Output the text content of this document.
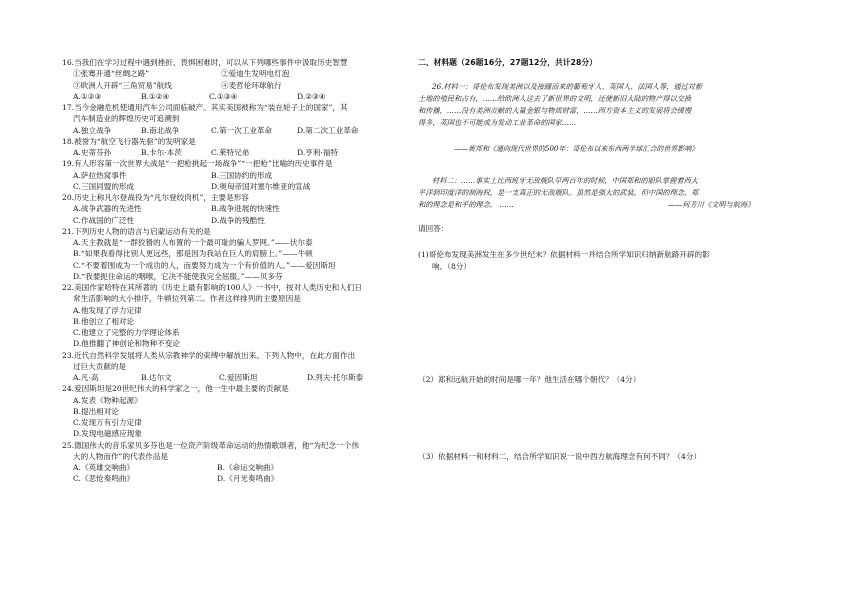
16.当我们在学习过程中遇到挫折、畏惧困难时，可以从下列哪些事件中汲取历史智慧
①张骞开通“丝绸之路”	②爱迪生发明电灯泡
③欧洲人开辟“三角贸易”航线	④麦哲伦环球航行
A.①②③	B.①②④	C.①③④	D.②③④
17.当今金融危机使通用汽车公司面临破产。其实美国被称为“装在轮子上的国家”，其
汽车制造业的辉煌历史可追溯到
A.独立战争	B.南北战争	C.第一次工业革命	D.第二次工业革命
18.被誉为“航空飞行器先驱”的发明家是
A.史蒂芬孙	B.卡尔·本茨	C.莱特兄弟	D.亨利·福特
19.有人形容第一次世界大战是“一把枪挑起一场战争”“一把枪”比喻的历史事件是
A.萨拉热窝事件	B.三国协约的形成
C.三国同盟的形成	D.奥匈帝国对塞尔维亚的宣战
20.历史上称凡尔登战役为“凡尔登绞肉机”，主要是形容
A.战争武器的先进性	B.战争进展的快速性
C.作战国的广泛性	D.战争的残酷性
21.下列历史人物的语言与启蒙运动有关的是
A.天主教就是“一群狡猾的人布置的一个最可耻的骗人罗网。”——伏尔泰
B.“如果我看得比别人更远些，那是因为我站在巨人的肩膀上。”——牛顿
C.“不要着围成为一个成功的人，而要努力成为一个有价值的人。”——爱因斯坦
D.“我要扼住命运的咽喉，它决不能使我完全屈服。”——贝多芬
22.美国作家哈特在其所著的《历史上最有影响的100人》一书中，按对人类历史和人们日
常生活影响的大小排序，牛顿位列第二。作者这样排列的主要原因是
A.他发现了浮力定律
B.他创立了相对论
C.他建立了完整的力学理论体系
D.他推翻了神创论和物种不变论
23.近代自然科学发展将人类从宗教神学的束缚中解放出来。下列人物中，在此方面作出
过巨大贡献的是
A.凡·高	B.达尔文	C.爱因斯坦	D.列夫·托尔斯泰
24.爱因斯坦是20世纪伟大的科学家之一，他一生中最主要的贡献是
A.发表《物种起源》
B.提出相对论
C.发现万有引力定律
D.发现电磁感应现象
25.德国伟大的音乐家贝多芬也是一位资产阶级革命运动的热情歌颂者，他“为纪念一个伟
大的人物而作”的代表作品是
A.《英雄交响曲》	B.《命运交响曲》
C.《悲怆奏鸣曲》	D.《月光奏鸣曲》
二、材料题（26题16分，27题12分，共计28分）
26.材料一：哥伦布发现美洲以及接踵而来的葡萄牙人、英国人、法国人等，通过对新
土地的殖民和占有，……给欧洲人送去了新世界的文明，还使新旧大陆的物产得以交换
和传播，……没有美洲贡献的大量金银与物质财富，……西方资本主义的发展将会缓慢
得多，英国也不可能成为发动工业革命的国家……
——黄邦和《通向现代世界的500年：哥伦布以来东西两半球汇合的世界影响》
材料二：……事实上比西班牙无敌舰队早两百年的时候，中国郑和的船队掌握着西大
平洋到印度洋的制海权，是一支真正的无敌舰队。虽然是强大的武装，但中国的理念、郑
和的理念是和平的理念。 ……	——何芳川《文明与航海》
请回答：
(1)哥伦布发现美洲发生在多少世纪末？依据材料一并结合所学知识归纳新航路开辟的影
响。（8分）
（2）郑和远航开始的时间是哪一年？他生活在哪个朝代？（4分）
（3）依据材料一和材料二，结合所学知识说一说中西方航海理念有何不同？（4分）
